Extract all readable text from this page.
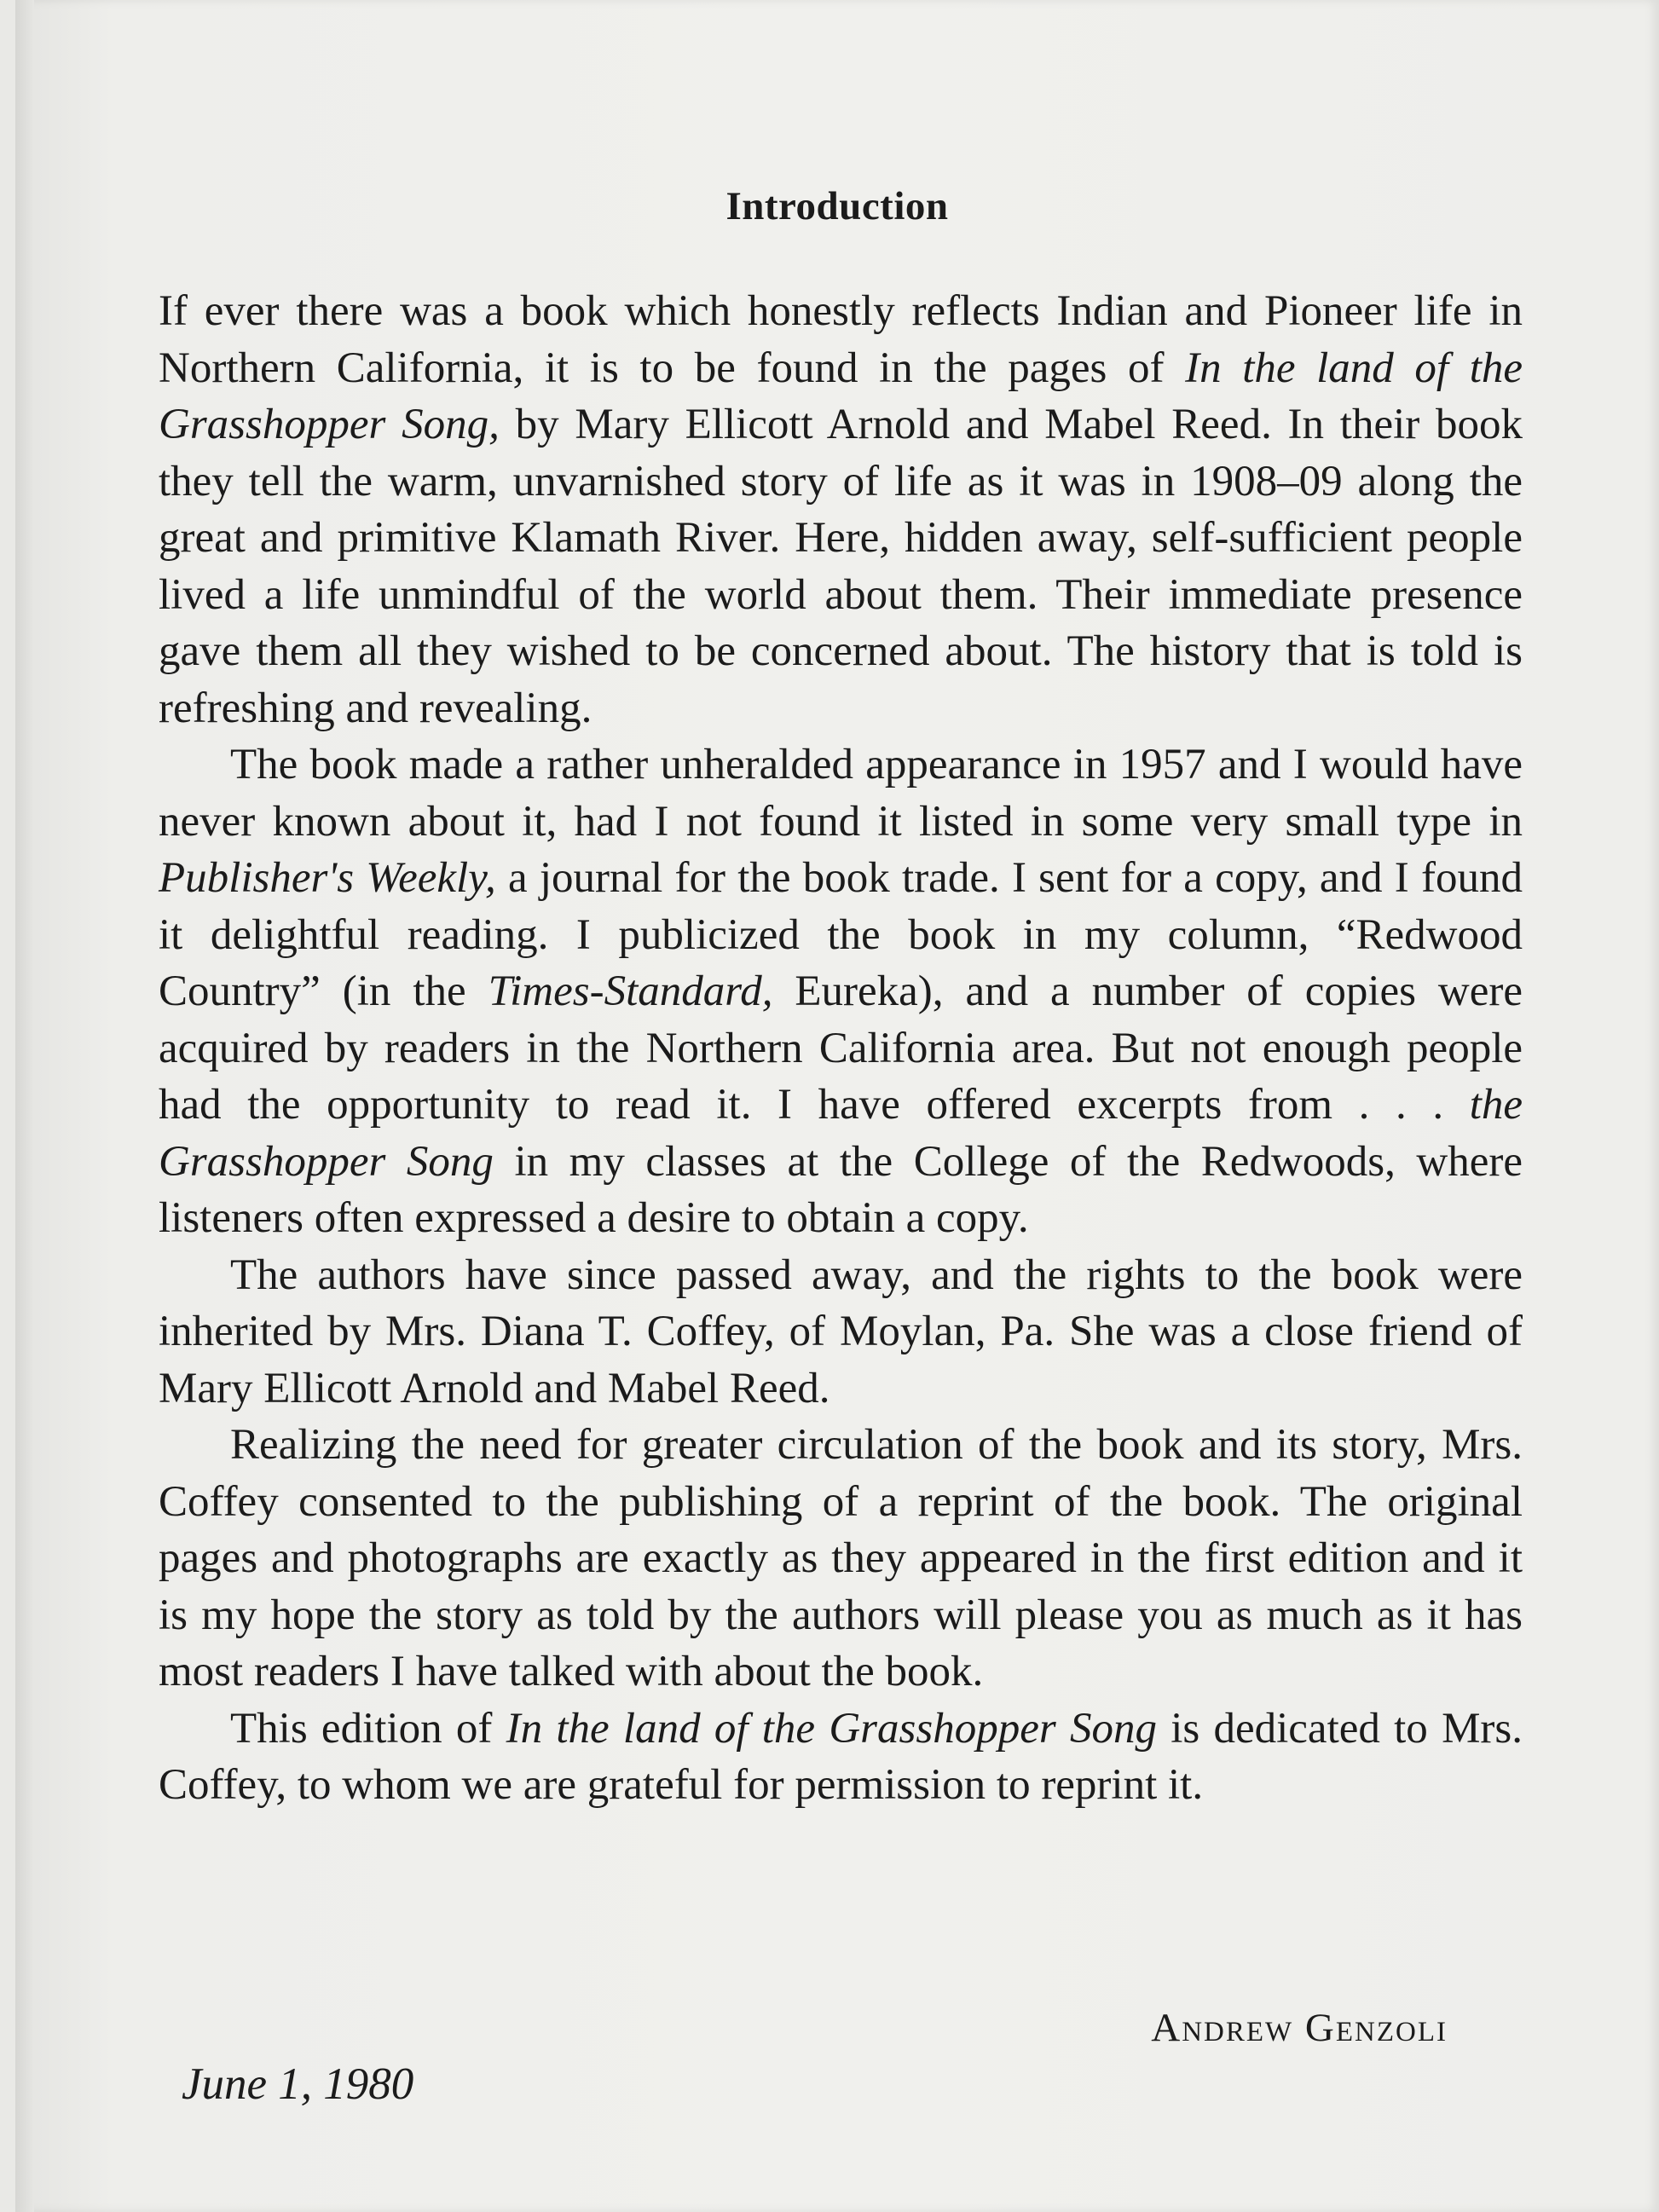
Introduction

If ever there was a book which honestly reflects Indian and Pioneer life in Northern California, it is to be found in the pages of In the land of the Grasshopper Song, by Mary Ellicott Arnold and Mabel Reed. In their book they tell the warm, unvarnished story of life as it was in 1908–09 along the great and primitive Klamath River. Here, hidden away, self-sufficient people lived a life unmindful of the world about them. Their immediate presence gave them all they wished to be concerned about. The history that is told is refreshing and revealing.

The book made a rather unheralded appearance in 1957 and I would have never known about it, had I not found it listed in some very small type in Publisher's Weekly, a journal for the book trade. I sent for a copy, and I found it delightful reading. I publicized the book in my column, “Redwood Country” (in the Times-Standard, Eureka), and a number of copies were acquired by readers in the Northern California area. But not enough people had the opportunity to read it. I have offered excerpts from . . . the Grasshopper Song in my classes at the College of the Redwoods, where listeners often expressed a desire to obtain a copy.

The authors have since passed away, and the rights to the book were inherited by Mrs. Diana T. Coffey, of Moylan, Pa. She was a close friend of Mary Ellicott Arnold and Mabel Reed.

Realizing the need for greater circulation of the book and its story, Mrs. Coffey consented to the publishing of a reprint of the book. The original pages and photographs are exactly as they appeared in the first edition and it is my hope the story as told by the authors will please you as much as it has most readers I have talked with about the book.

This edition of In the land of the Grasshopper Song is dedicated to Mrs. Coffey, to whom we are grateful for permission to reprint it.

Andrew Genzoli

June 1, 1980
